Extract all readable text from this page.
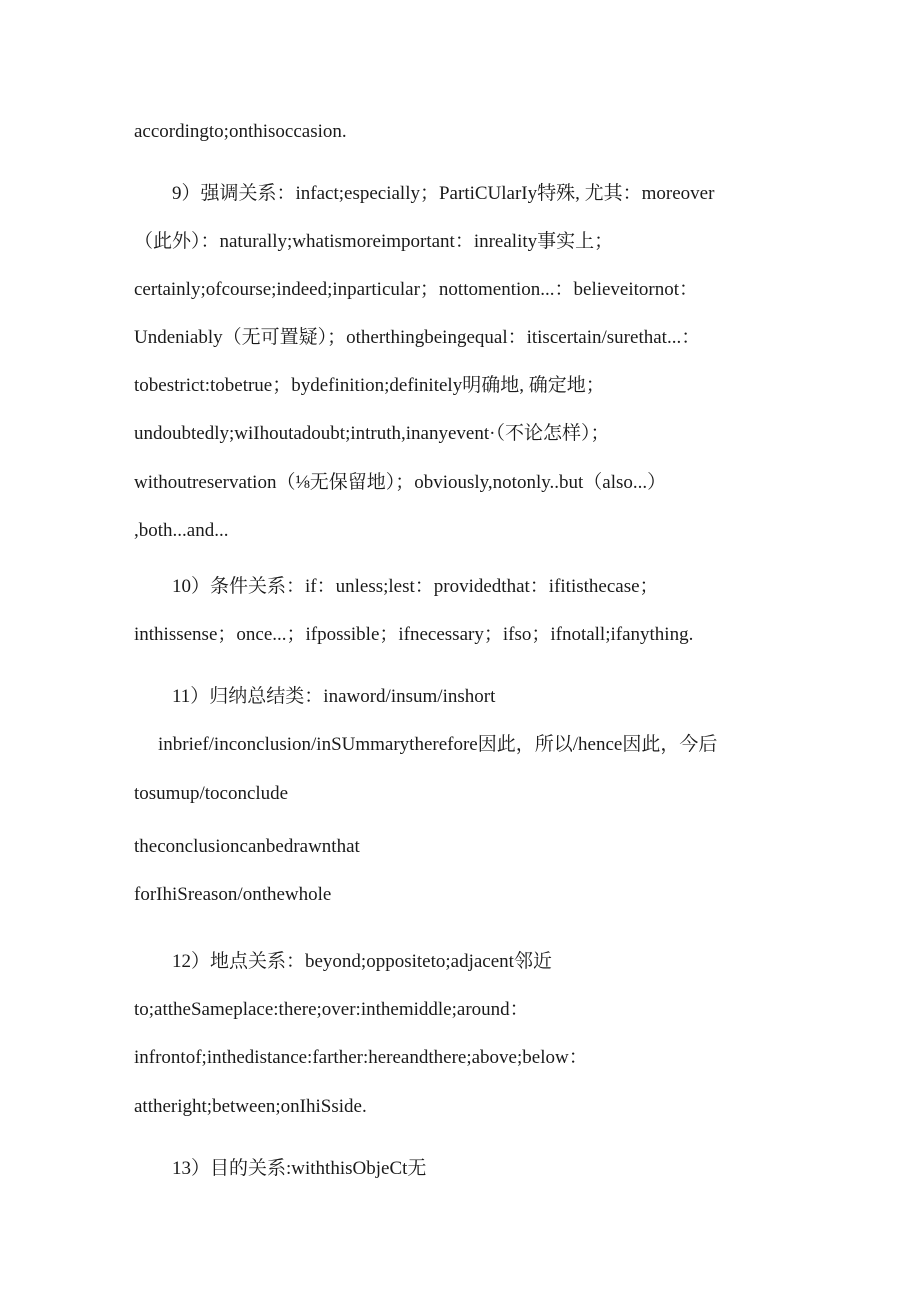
accordingto;onthisoccasion.
9）强调关系：infact;especially；PartiCUlarIy特殊, 尤其：moreover
（此外）：naturally;whatismoreimportant：inreality事实上；
certainly;ofcourse;indeed;inparticular；nottomention...：believeitornot：
Undeniably（无可置疑）；otherthingbeingequal：itiscertain/surethat...：
tobestrict:tobetrue；bydefinition;definitely明确地, 确定地；
undoubtedly;wiIhoutadoubt;intruth,inanyevent·（不论怎样）；
withoutreservation（⅛无保留地）；obviously,notonly..but（also...）
,both...and...
10）条件关系：if：unless;lest：providedthat：ifitisthecase；
inthissense；once...；ifpossible；ifnecessary；ifso；ifnotall;ifanything.
11）归纳总结类：inaword/insum/inshort
inbrief/inconclusion/inSUmmarytherefore因此，所以/hence因此，今后
tosumup/toconclude
theconclusioncanbedrawnthat
forIhiSreason/onthewhole
12）地点关系：beyond;oppositeto;adjacent邻近
to;attheSameplace:there;over:inthemiddle;around：
infrontof;inthedistance:farther:hereandthere;above;below：
attheright;between;onIhiSside.
13）目的关系:withthisObjeCt无
